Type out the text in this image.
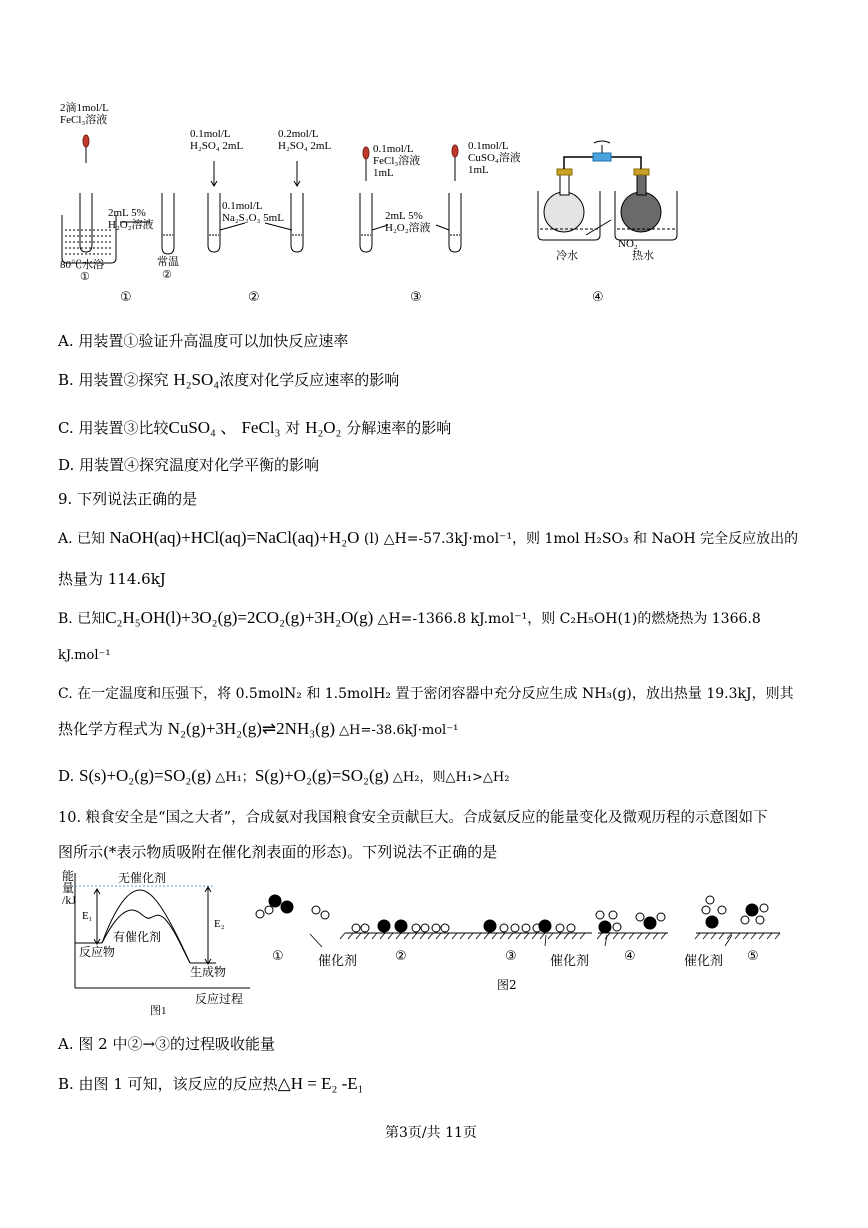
2滴1mol/L
FeCl₃溶液
2mL 5%
H₂O₂溶液
80℃水浴
①
常温
②
①
0.1mol/L
H₂SO₄ 2mL
0.2mol/L
H₂SO₄ 2mL
0.1mol/L
Na₂S₂O₃ 5mL
②
0.1mol/L
FeCl₃溶液
1mL
0.1mol/L
CuSO₄溶液
1mL
2mL 5%
H₂O₂溶液
③
NO₂
冷水	热水
④
A. 用装置①验证升高温度可以加快反应速率
B. 用装置②探究 H₂SO₄浓度对化学反应速率的影响
C. 用装置③比较CuSO₄ 、 FeCl₃ 对 H₂O₂ 分解速率的影响
D. 用装置④探究温度对化学平衡的影响
9. 下列说法正确的是
A. 已知 NaOH(aq)+HCl(aq)=NaCl(aq)+H₂O (l) △H=-57.3kJ·mol⁻¹，则 1mol H₂SO₃ 和 NaOH 完全反应放出的
热量为 114.6kJ
B. 已知C₂H₅OH(l)+3O₂(g)=2CO₂(g)+3H₂O(g) △H=-1366.8 kJ.mol⁻¹，则 C₂H₅OH(1)的燃烧热为 1366.8
kJ.mol⁻¹
C. 在一定温度和压强下，将 0.5molN₂ 和 1.5molH₂ 置于密闭容器中充分反应生成 NH₃(g)，放出热量 19.3kJ，则其
热化学方程式为 N₂(g)+3H₂(g)⇌2NH₃(g) △H=-38.6kJ·mol⁻¹
D. S(s)+O₂(g)=SO₂(g) △H₁；S(g)+O₂(g)=SO₂(g) △H₂，则△H₁>△H₂
10. 粮食安全是“国之大者”，合成氨对我国粮食安全贡献巨大。合成氨反应的能量变化及微观历程的示意图如下
图所示(*表示物质吸附在催化剂表面的形态)。下列说法不正确的是
能
量
/kJ
无催化剂
有催化剂
反应物
生成物
反应过程
E₁
E₂
图1
①	催化剂	②	③	催化剂	④	催化剂 ⑤
图2
A. 图 2 中②→③的过程吸收能量
B. 由图 1 可知，该反应的反应热△H = E₂ -E₁
第3页/共 11页
